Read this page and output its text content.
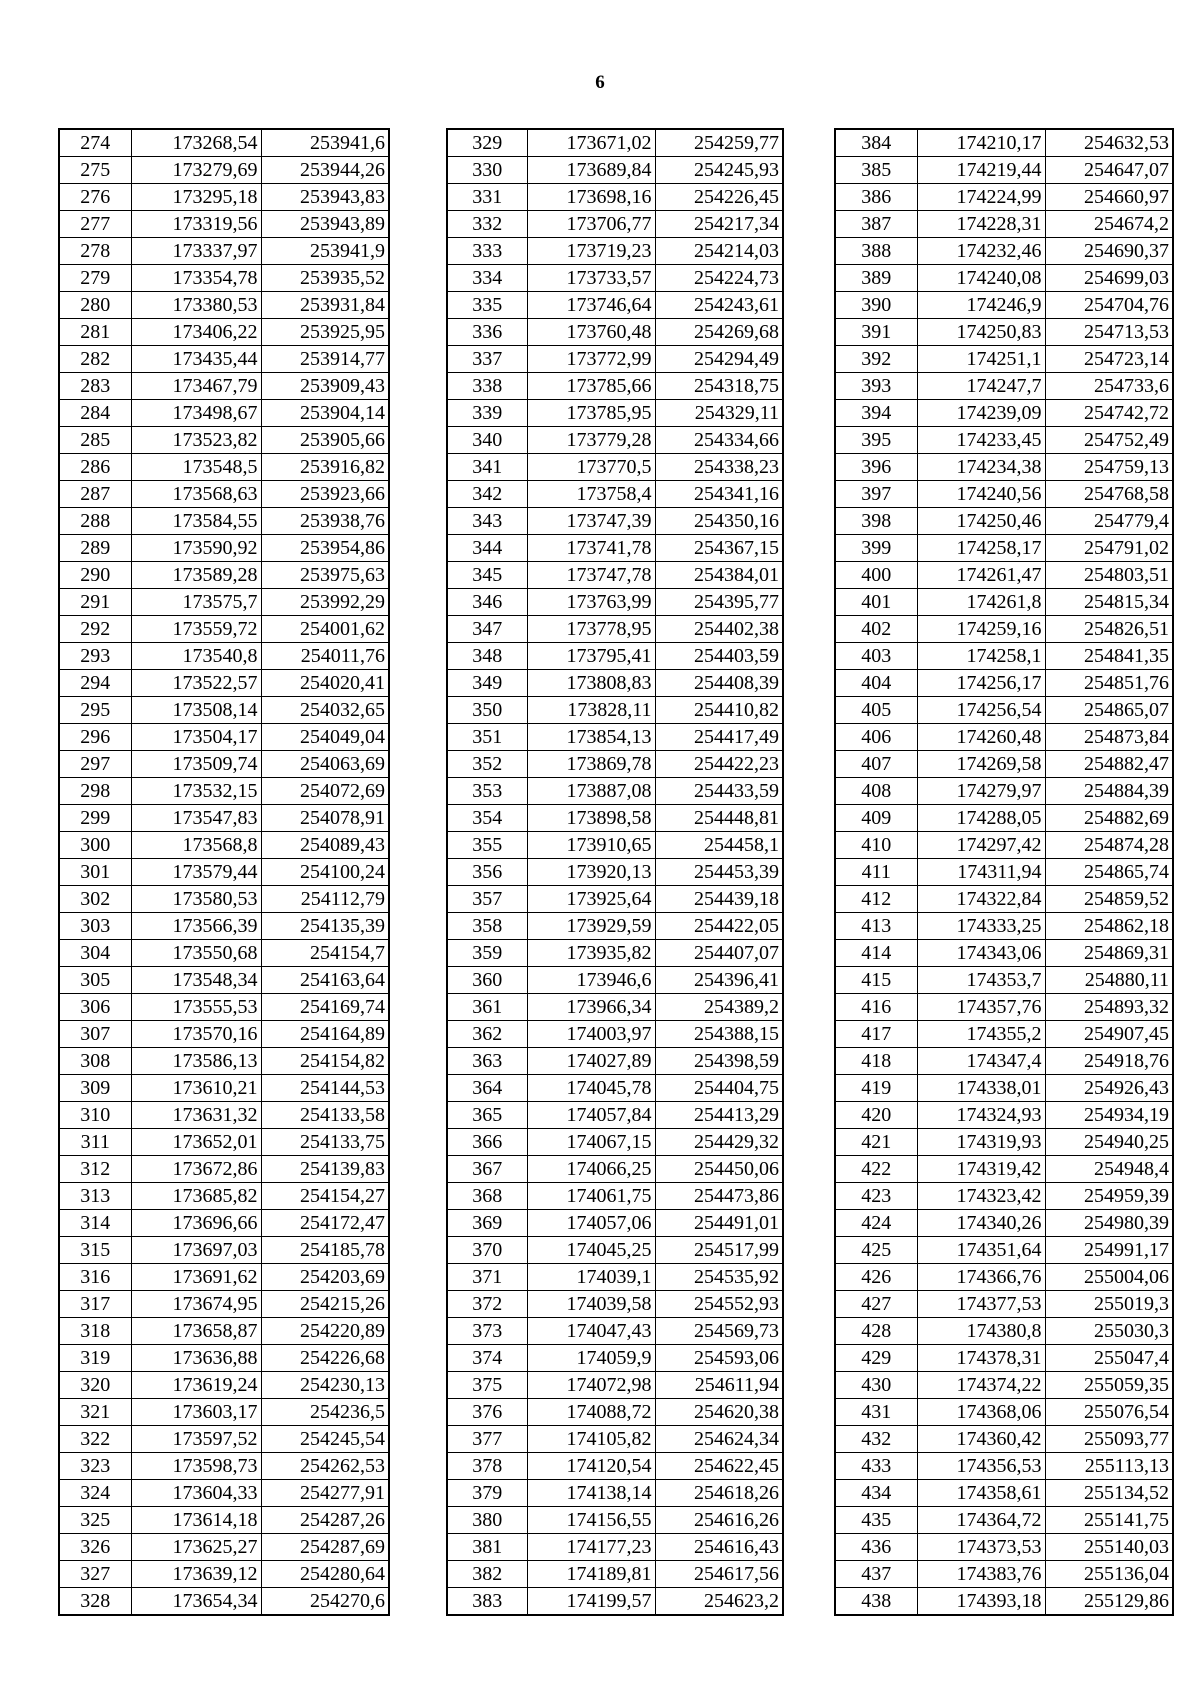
6
274	173268,54	253941,6
275	173279,69	253944,26
276	173295,18	253943,83
277	173319,56	253943,89
278	173337,97	253941,9
279	173354,78	253935,52
280	173380,53	253931,84
281	173406,22	253925,95
282	173435,44	253914,77
283	173467,79	253909,43
284	173498,67	253904,14
285	173523,82	253905,66
286	173548,5	253916,82
287	173568,63	253923,66
288	173584,55	253938,76
289	173590,92	253954,86
290	173589,28	253975,63
291	173575,7	253992,29
292	173559,72	254001,62
293	173540,8	254011,76
294	173522,57	254020,41
295	173508,14	254032,65
296	173504,17	254049,04
297	173509,74	254063,69
298	173532,15	254072,69
299	173547,83	254078,91
300	173568,8	254089,43
301	173579,44	254100,24
302	173580,53	254112,79
303	173566,39	254135,39
304	173550,68	254154,7
305	173548,34	254163,64
306	173555,53	254169,74
307	173570,16	254164,89
308	173586,13	254154,82
309	173610,21	254144,53
310	173631,32	254133,58
311	173652,01	254133,75
312	173672,86	254139,83
313	173685,82	254154,27
314	173696,66	254172,47
315	173697,03	254185,78
316	173691,62	254203,69
317	173674,95	254215,26
318	173658,87	254220,89
319	173636,88	254226,68
320	173619,24	254230,13
321	173603,17	254236,5
322	173597,52	254245,54
323	173598,73	254262,53
324	173604,33	254277,91
325	173614,18	254287,26
326	173625,27	254287,69
327	173639,12	254280,64
328	173654,34	254270,6
329	173671,02	254259,77
330	173689,84	254245,93
331	173698,16	254226,45
332	173706,77	254217,34
333	173719,23	254214,03
334	173733,57	254224,73
335	173746,64	254243,61
336	173760,48	254269,68
337	173772,99	254294,49
338	173785,66	254318,75
339	173785,95	254329,11
340	173779,28	254334,66
341	173770,5	254338,23
342	173758,4	254341,16
343	173747,39	254350,16
344	173741,78	254367,15
345	173747,78	254384,01
346	173763,99	254395,77
347	173778,95	254402,38
348	173795,41	254403,59
349	173808,83	254408,39
350	173828,11	254410,82
351	173854,13	254417,49
352	173869,78	254422,23
353	173887,08	254433,59
354	173898,58	254448,81
355	173910,65	254458,1
356	173920,13	254453,39
357	173925,64	254439,18
358	173929,59	254422,05
359	173935,82	254407,07
360	173946,6	254396,41
361	173966,34	254389,2
362	174003,97	254388,15
363	174027,89	254398,59
364	174045,78	254404,75
365	174057,84	254413,29
366	174067,15	254429,32
367	174066,25	254450,06
368	174061,75	254473,86
369	174057,06	254491,01
370	174045,25	254517,99
371	174039,1	254535,92
372	174039,58	254552,93
373	174047,43	254569,73
374	174059,9	254593,06
375	174072,98	254611,94
376	174088,72	254620,38
377	174105,82	254624,34
378	174120,54	254622,45
379	174138,14	254618,26
380	174156,55	254616,26
381	174177,23	254616,43
382	174189,81	254617,56
383	174199,57	254623,2
384	174210,17	254632,53
385	174219,44	254647,07
386	174224,99	254660,97
387	174228,31	254674,2
388	174232,46	254690,37
389	174240,08	254699,03
390	174246,9	254704,76
391	174250,83	254713,53
392	174251,1	254723,14
393	174247,7	254733,6
394	174239,09	254742,72
395	174233,45	254752,49
396	174234,38	254759,13
397	174240,56	254768,58
398	174250,46	254779,4
399	174258,17	254791,02
400	174261,47	254803,51
401	174261,8	254815,34
402	174259,16	254826,51
403	174258,1	254841,35
404	174256,17	254851,76
405	174256,54	254865,07
406	174260,48	254873,84
407	174269,58	254882,47
408	174279,97	254884,39
409	174288,05	254882,69
410	174297,42	254874,28
411	174311,94	254865,74
412	174322,84	254859,52
413	174333,25	254862,18
414	174343,06	254869,31
415	174353,7	254880,11
416	174357,76	254893,32
417	174355,2	254907,45
418	174347,4	254918,76
419	174338,01	254926,43
420	174324,93	254934,19
421	174319,93	254940,25
422	174319,42	254948,4
423	174323,42	254959,39
424	174340,26	254980,39
425	174351,64	254991,17
426	174366,76	255004,06
427	174377,53	255019,3
428	174380,8	255030,3
429	174378,31	255047,4
430	174374,22	255059,35
431	174368,06	255076,54
432	174360,42	255093,77
433	174356,53	255113,13
434	174358,61	255134,52
435	174364,72	255141,75
436	174373,53	255140,03
437	174383,76	255136,04
438	174393,18	255129,86
